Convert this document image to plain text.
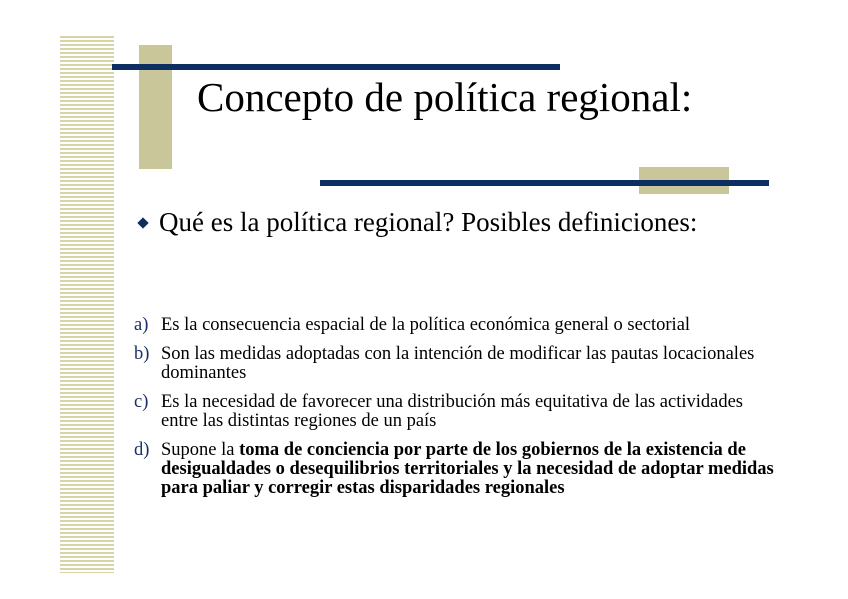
Concepto de política regional:
Qué es la política regional? Posibles definiciones:
a) Es la consecuencia espacial de la política económica general o sectorial
b) Son las medidas adoptadas con la intención de modificar las pautas locacionales dominantes
c) Es la necesidad de favorecer una distribución más equitativa de las actividades entre las distintas regiones de un país
d) Supone la toma de conciencia por parte de los gobiernos de la existencia de desigualdades o desequilibrios territoriales y la necesidad de adoptar medidas para paliar y corregir estas disparidades regionales
